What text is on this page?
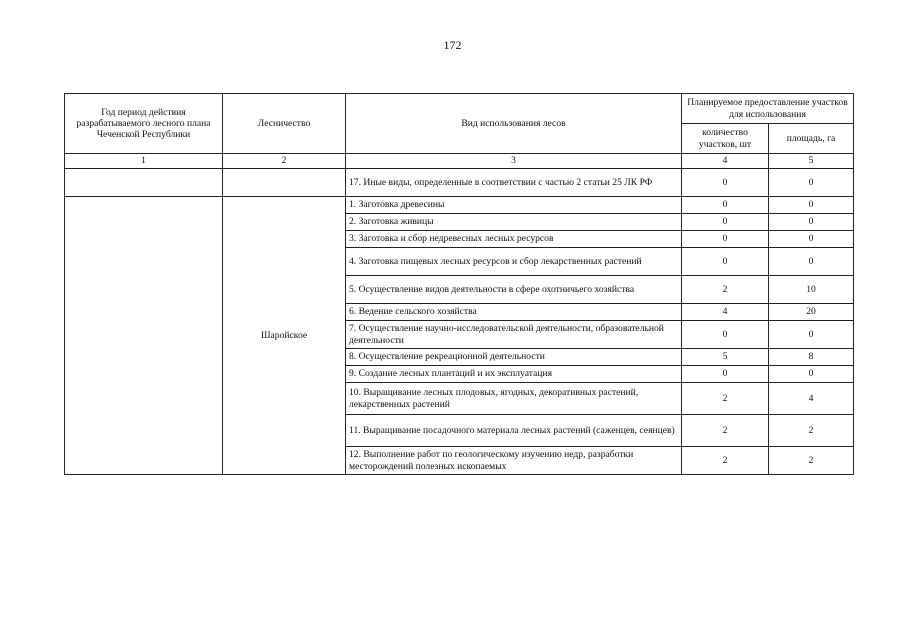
172
Год период действия разрабатываемого лесного плана Чеченской Республики	Лесничество	Вид использования лесов	Планируемое предоставление участков для использования	
			количество участков, шт	площадь, га
1	2	3	4	5
		17. Иные виды, определенные в соответствии с частью 2 статьи 25 ЛК РФ	0	0
	Шаройское	1. Заготовка древесины	0	0
		2. Заготовка живицы	0	0
		3. Заготовка и сбор недревесных лесных ресурсов	0	0
		4. Заготовка пищевых лесных ресурсов и сбор лекарственных растений	0	0
		5. Осуществление видов деятельности в сфере охотничьего хозяйства	2	10
		6. Ведение сельского хозяйства	4	20
		7. Осуществление научно-исследовательской деятельности, образовательной деятельности	0	0
		8. Осуществление рекреационной деятельности	5	8
		9. Создание лесных плантаций и их эксплуатация	0	0
		10. Выращивание лесных плодовых, ягодных, декоративных растений, лекарственных растений	2	4
		11. Выращивание посадочного материала лесных растений (саженцев, сеянцев)	2	2
		12. Выполнение работ по геологическому изучению недр, разработки месторождений полезных ископаемых	2	2
